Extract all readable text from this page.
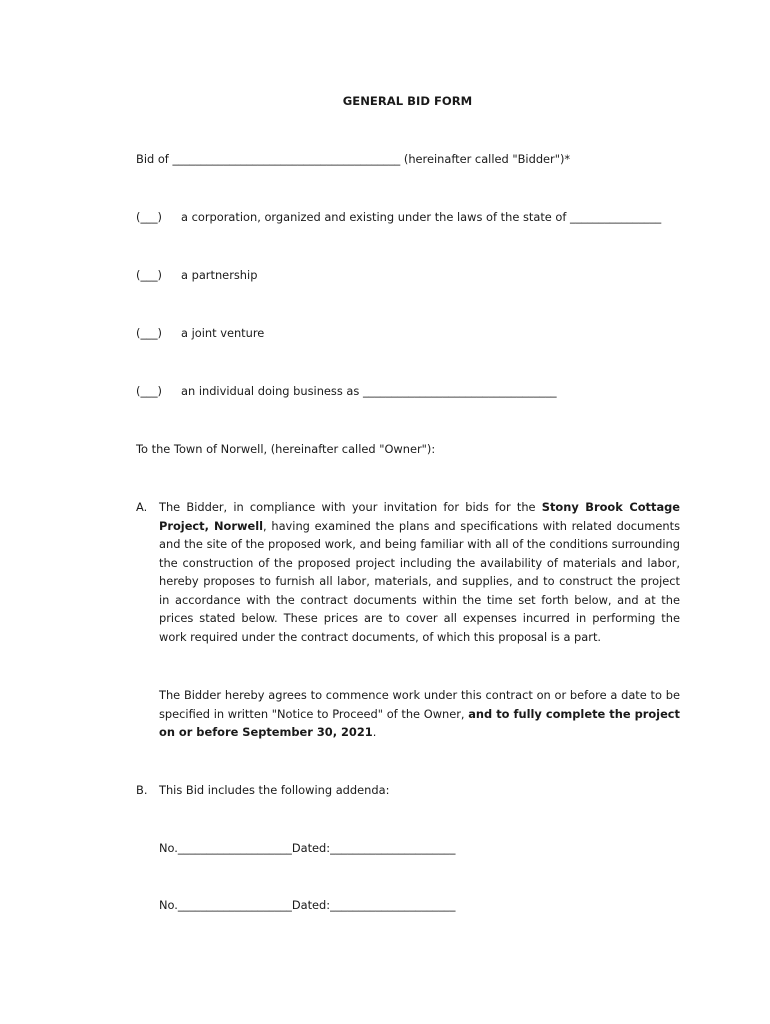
GENERAL BID FORM
Bid of ________________________________________ (hereinafter called "Bidder")*
(___) a corporation, organized and existing under the laws of the state of ________________
(___) a partnership
(___) a joint venture
(___) an individual doing business as __________________________________
To the Town of Norwell, (hereinafter called "Owner"):
A. The Bidder, in compliance with your invitation for bids for the Stony Brook Cottage Project, Norwell, having examined the plans and specifications with related documents and the site of the proposed work, and being familiar with all of the conditions surrounding the construction of the proposed project including the availability of materials and labor, hereby proposes to furnish all labor, materials, and supplies, and to construct the project in accordance with the contract documents within the time set forth below, and at the prices stated below. These prices are to cover all expenses incurred in performing the work required under the contract documents, of which this proposal is a part.
The Bidder hereby agrees to commence work under this contract on or before a date to be specified in written "Notice to Proceed" of the Owner, and to fully complete the project on or before September 30, 2021.
B. This Bid includes the following addenda:
No.____________________Dated:______________________
No.____________________Dated:______________________
